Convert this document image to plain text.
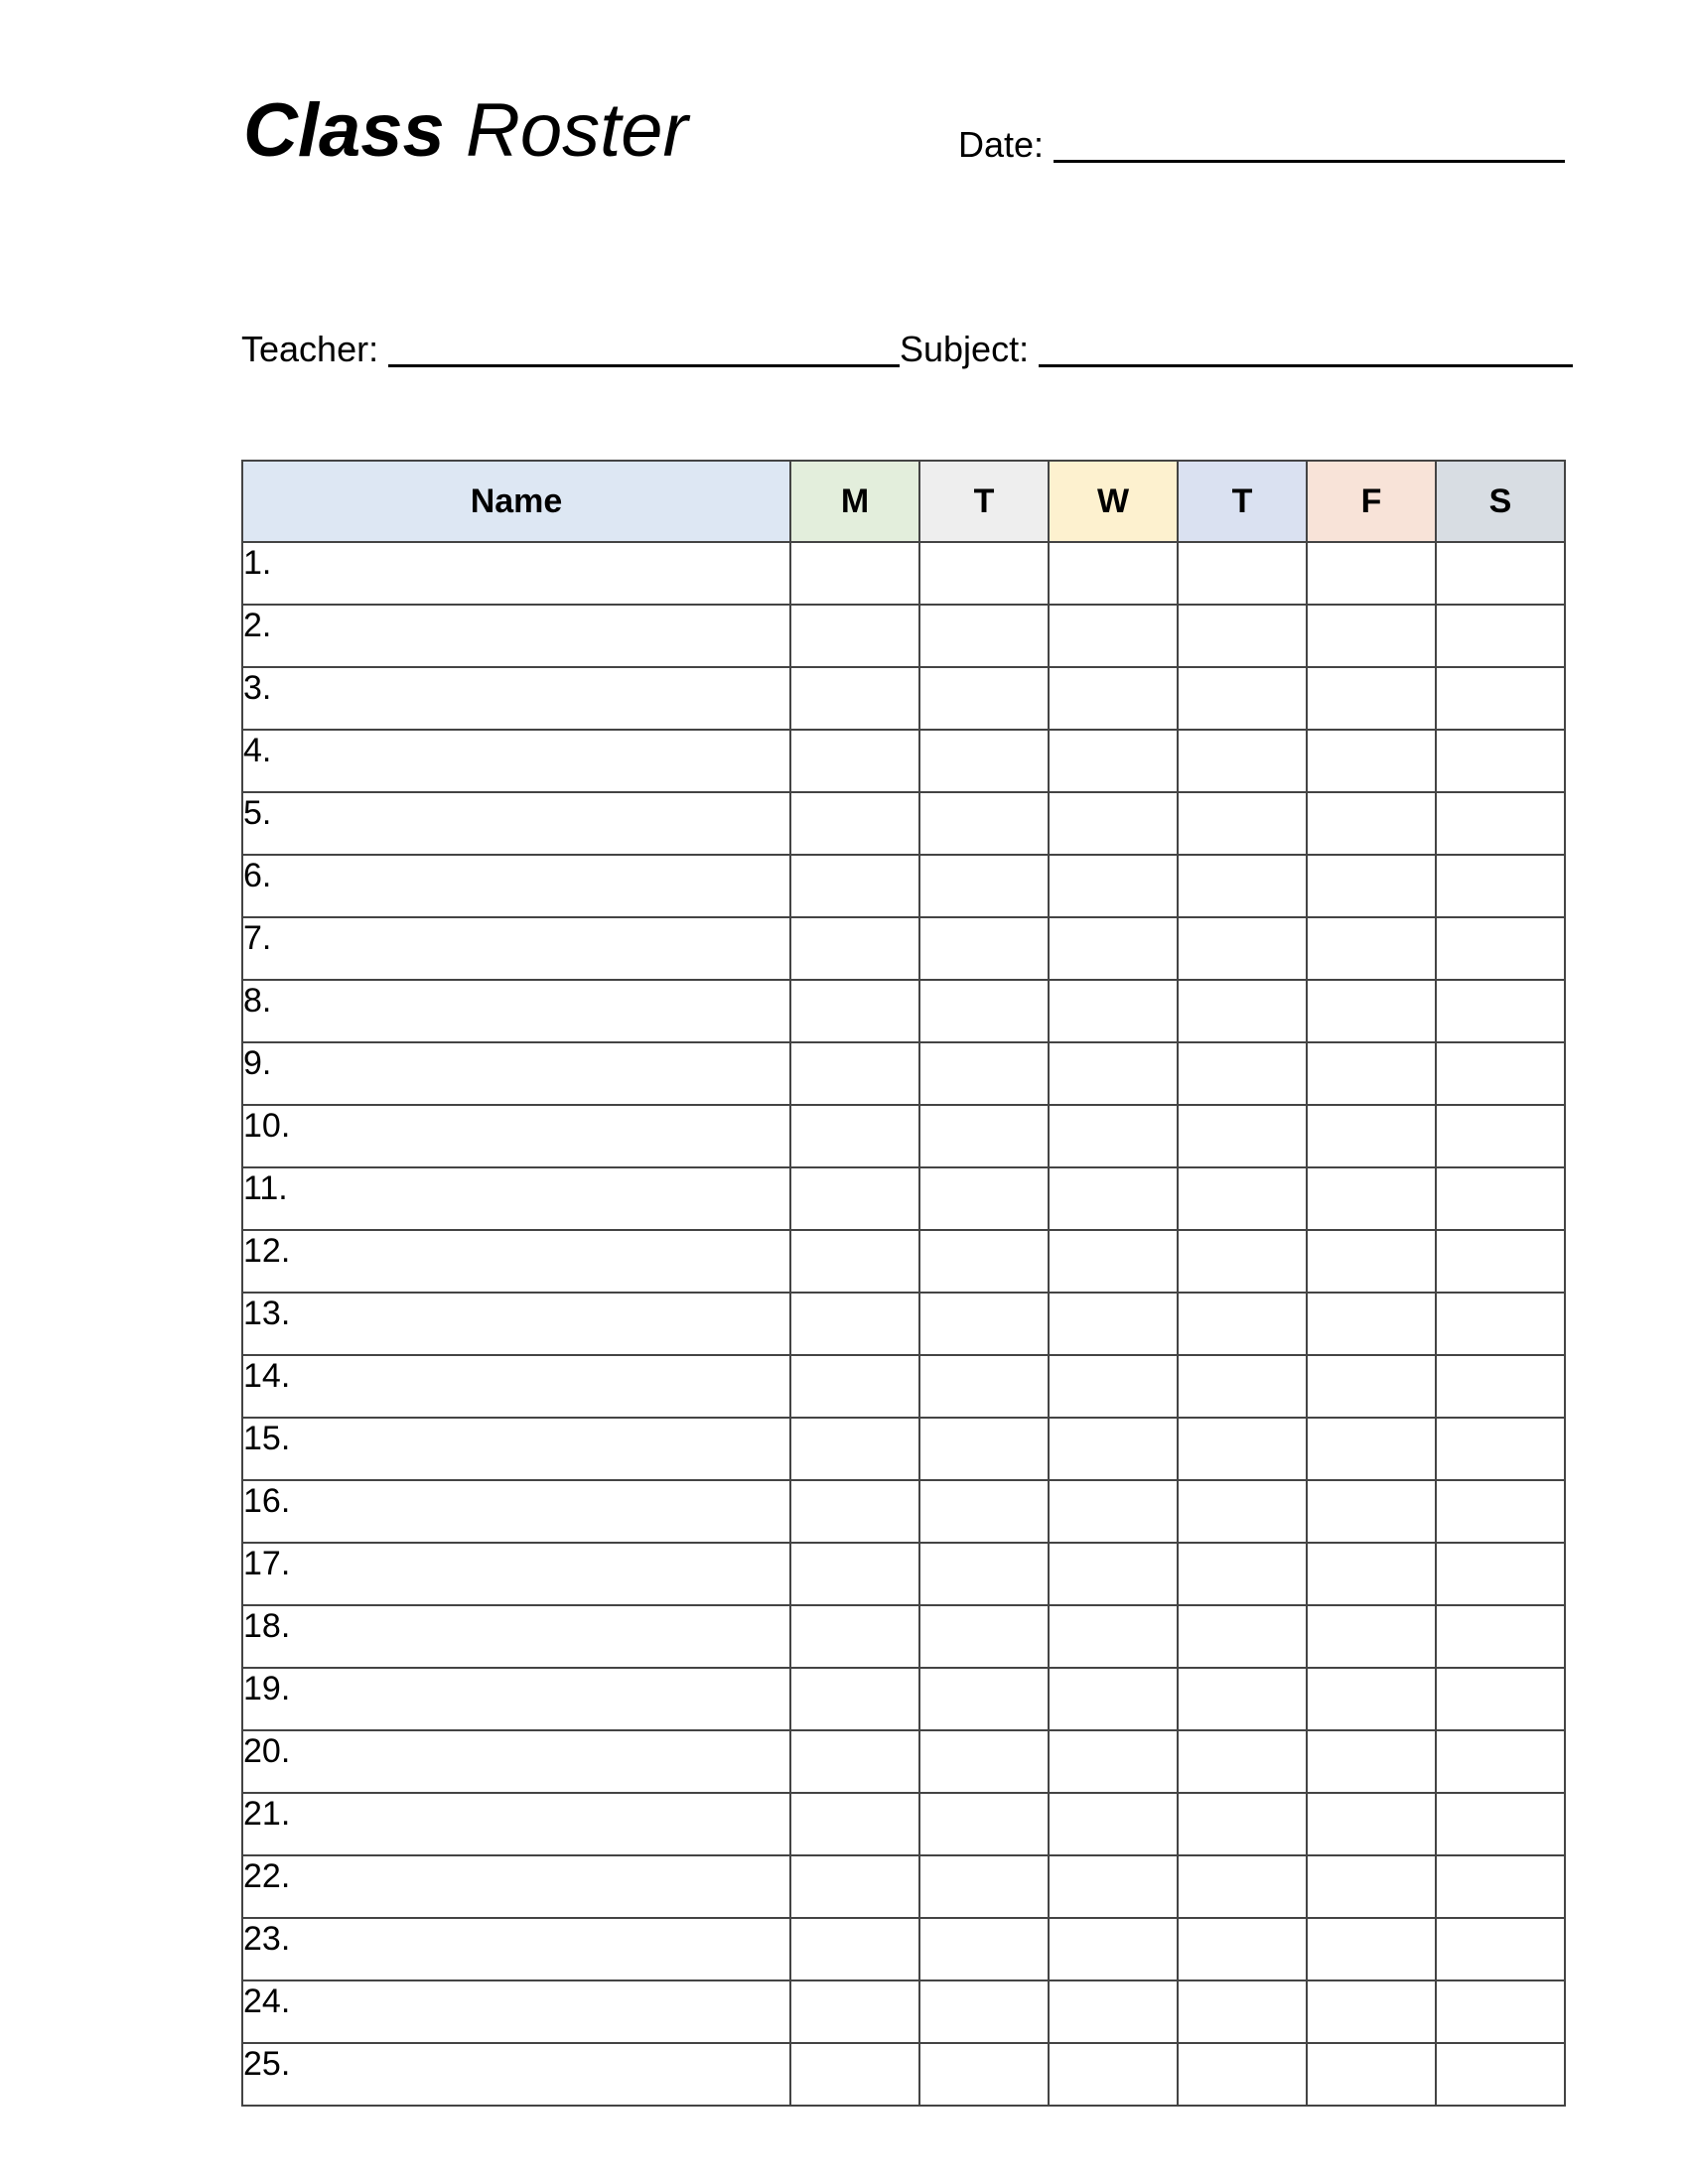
Class Roster	Date:
Teacher:	Subject:
Name	M	T	W	T	F	S
1.						
2.						
3.						
4.						
5.						
6.						
7.						
8.						
9.						
10.						
11.						
12.						
13.						
14.						
15.						
16.						
17.						
18.						
19.						
20.						
21.						
22.						
23.						
24.						
25.						
